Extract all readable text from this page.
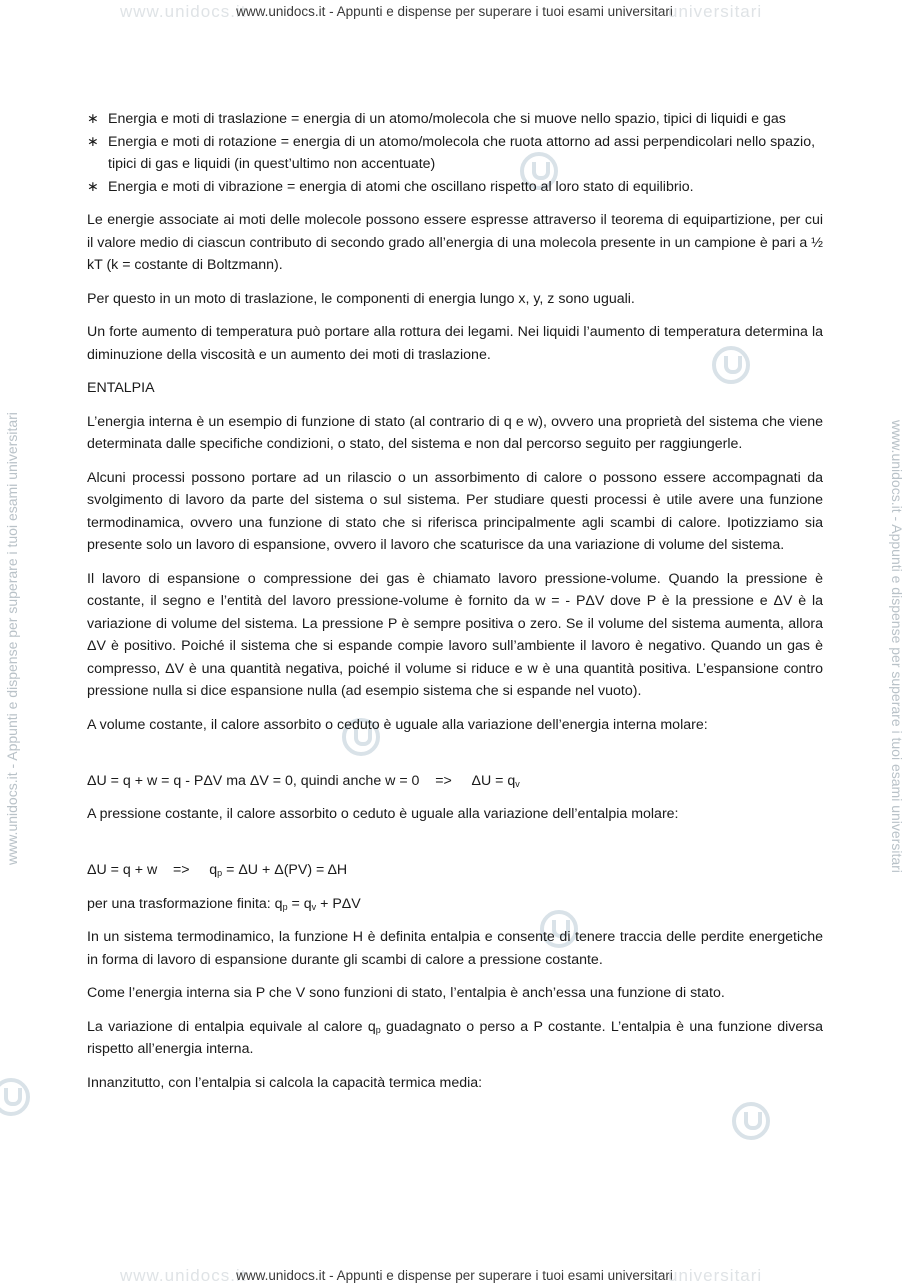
www.unidocs.it
www.unidocs.it - Appunti e dispense per superare i tuoi esami universitari
universitari
www.unidocs.it - Appunti e dispense per superare i tuoi esami universitari	www.unidocs.it - Appunti e dispense per superare i tuoi esami universitari
∗ Energia e moti di traslazione = energia di un atomo/molecola che si muove nello spazio, tipici di liquidi e gas
∗ Energia e moti di rotazione = energia di un atomo/molecola che ruota attorno ad assi perpendicolari nello spazio, tipici di gas e liquidi (in quest’ultimo non accentuate)
∗ Energia e moti di vibrazione = energia di atomi che oscillano rispetto al loro stato di equilibrio.

Le energie associate ai moti delle molecole possono essere espresse attraverso il teorema di equipartizione, per cui il valore medio di ciascun contributo di secondo grado all’energia di una molecola presente in un campione è pari a ½ kT (k = costante di Boltzmann).

Per questo in un moto di traslazione, le componenti di energia lungo x, y, z sono uguali.

Un forte aumento di temperatura può portare alla rottura dei legami. Nei liquidi l’aumento di temperatura determina la diminuzione della viscosità e un aumento dei moti di traslazione.

ENTALPIA

L’energia interna è un esempio di funzione di stato (al contrario di q e w), ovvero una proprietà del sistema che viene determinata dalle specifiche condizioni, o stato, del sistema e non dal percorso seguito per raggiungerle.

Alcuni processi possono portare ad un rilascio o un assorbimento di calore o possono essere accompagnati da svolgimento di lavoro da parte del sistema o sul sistema. Per studiare questi processi è utile avere una funzione termodinamica, ovvero una funzione di stato che si riferisca principalmente agli scambi di calore. Ipotizziamo sia presente solo un lavoro di espansione, ovvero il lavoro che scaturisce da una variazione di volume del sistema.

Il lavoro di espansione o compressione dei gas è chiamato lavoro pressione-volume. Quando la pressione è costante, il segno e l’entità del lavoro pressione-volume è fornito da w = - PΔV dove P è la pressione e ΔV è la variazione di volume del sistema. La pressione P è sempre positiva o zero. Se il volume del sistema aumenta, allora ΔV è positivo. Poiché il sistema che si espande compie lavoro sull’ambiente il lavoro è negativo. Quando un gas è compresso, ΔV è una quantità negativa, poiché il volume si riduce e w è una quantità positiva. L’espansione contro pressione nulla si dice espansione nulla (ad esempio sistema che si espande nel vuoto).

A volume costante, il calore assorbito o ceduto è uguale alla variazione dell’energia interna molare:

ΔU = q + w = q - PΔV ma ΔV = 0, quindi anche w = 0    =>     $\Delta U = q_v$

A pressione costante, il calore assorbito o ceduto è uguale alla variazione dell’entalpia molare:

ΔU = q + w    =>     $q_p = \Delta U + \Delta(PV) = \Delta H$

per una trasformazione finita: $q_p = q_v + P\Delta V$

In un sistema termodinamico, la funzione H è definita entalpia e consente di tenere traccia delle perdite energetiche in forma di lavoro di espansione durante gli scambi di calore a pressione costante.

Come l’energia interna sia P che V sono funzioni di stato, l’entalpia è anch’essa una funzione di stato.

La variazione di entalpia equivale al calore $q_p$ guadagnato o perso a P costante. L’entalpia è una funzione diversa rispetto all’energia interna.

Innanzitutto, con l’entalpia si calcola la capacità termica media:

www.unidocs.it
www.unidocs.it - Appunti e dispense per superare i tuoi esami universitari
universitari
